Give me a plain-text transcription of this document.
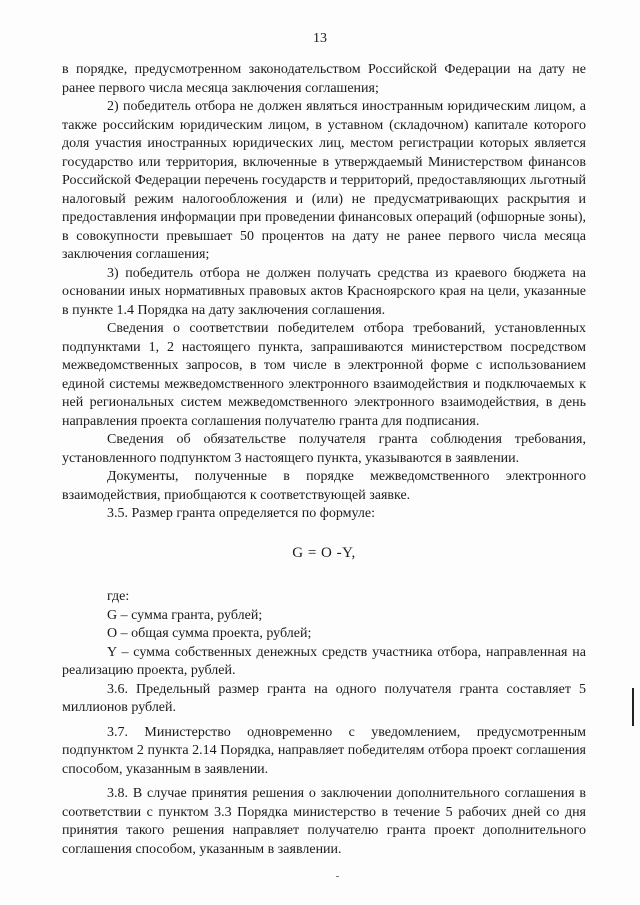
13

в порядке, предусмотренном законодательством Российской Федерации на дату не ранее первого числа месяца заключения соглашения;

2) победитель отбора не должен являться иностранным юридическим лицом, а также российским юридическим лицом, в уставном (складочном) капитале которого доля участия иностранных юридических лиц, местом регистрации которых является государство или территория, включенные в утверждаемый Министерством финансов Российской Федерации перечень государств и территорий, предоставляющих льготный налоговый режим налогообложения и (или) не предусматривающих раскрытия и предоставления информации при проведении финансовых операций (офшорные зоны), в совокупности превышает 50 процентов на дату не ранее первого числа месяца заключения соглашения;

3) победитель отбора не должен получать средства из краевого бюджета на основании иных нормативных правовых актов Красноярского края на цели, указанные в пункте 1.4 Порядка на дату заключения соглашения.

Сведения о соответствии победителем отбора требований, установленных подпунктами 1, 2 настоящего пункта, запрашиваются министерством посредством межведомственных запросов, в том числе в электронной форме с использованием единой системы межведомственного электронного взаимодействия и подключаемых к ней региональных систем межведомственного электронного взаимодействия, в день направления проекта соглашения получателю гранта для подписания.

Сведения об обязательстве получателя гранта соблюдения требования, установленного подпунктом 3 настоящего пункта, указываются в заявлении.

Документы, полученные в порядке межведомственного электронного взаимодействия, приобщаются к соответствующей заявке.

3.5. Размер гранта определяется по формуле:

G = O -Y,

где:

G – сумма гранта, рублей;

O – общая сумма проекта, рублей;

Y – сумма собственных денежных средств участника отбора, направленная на реализацию проекта, рублей.

3.6. Предельный размер гранта на одного получателя гранта составляет 5 миллионов рублей.

3.7. Министерство одновременно с уведомлением, предусмотренным подпунктом 2 пункта 2.14 Порядка, направляет победителям отбора проект соглашения способом, указанным в заявлении.

3.8. В случае принятия решения о заключении дополнительного соглашения в соответствии с пунктом 3.3 Порядка министерство в течение 5 рабочих дней со дня принятия такого решения направляет получателю гранта проект дополнительного соглашения способом, указанным в заявлении.
